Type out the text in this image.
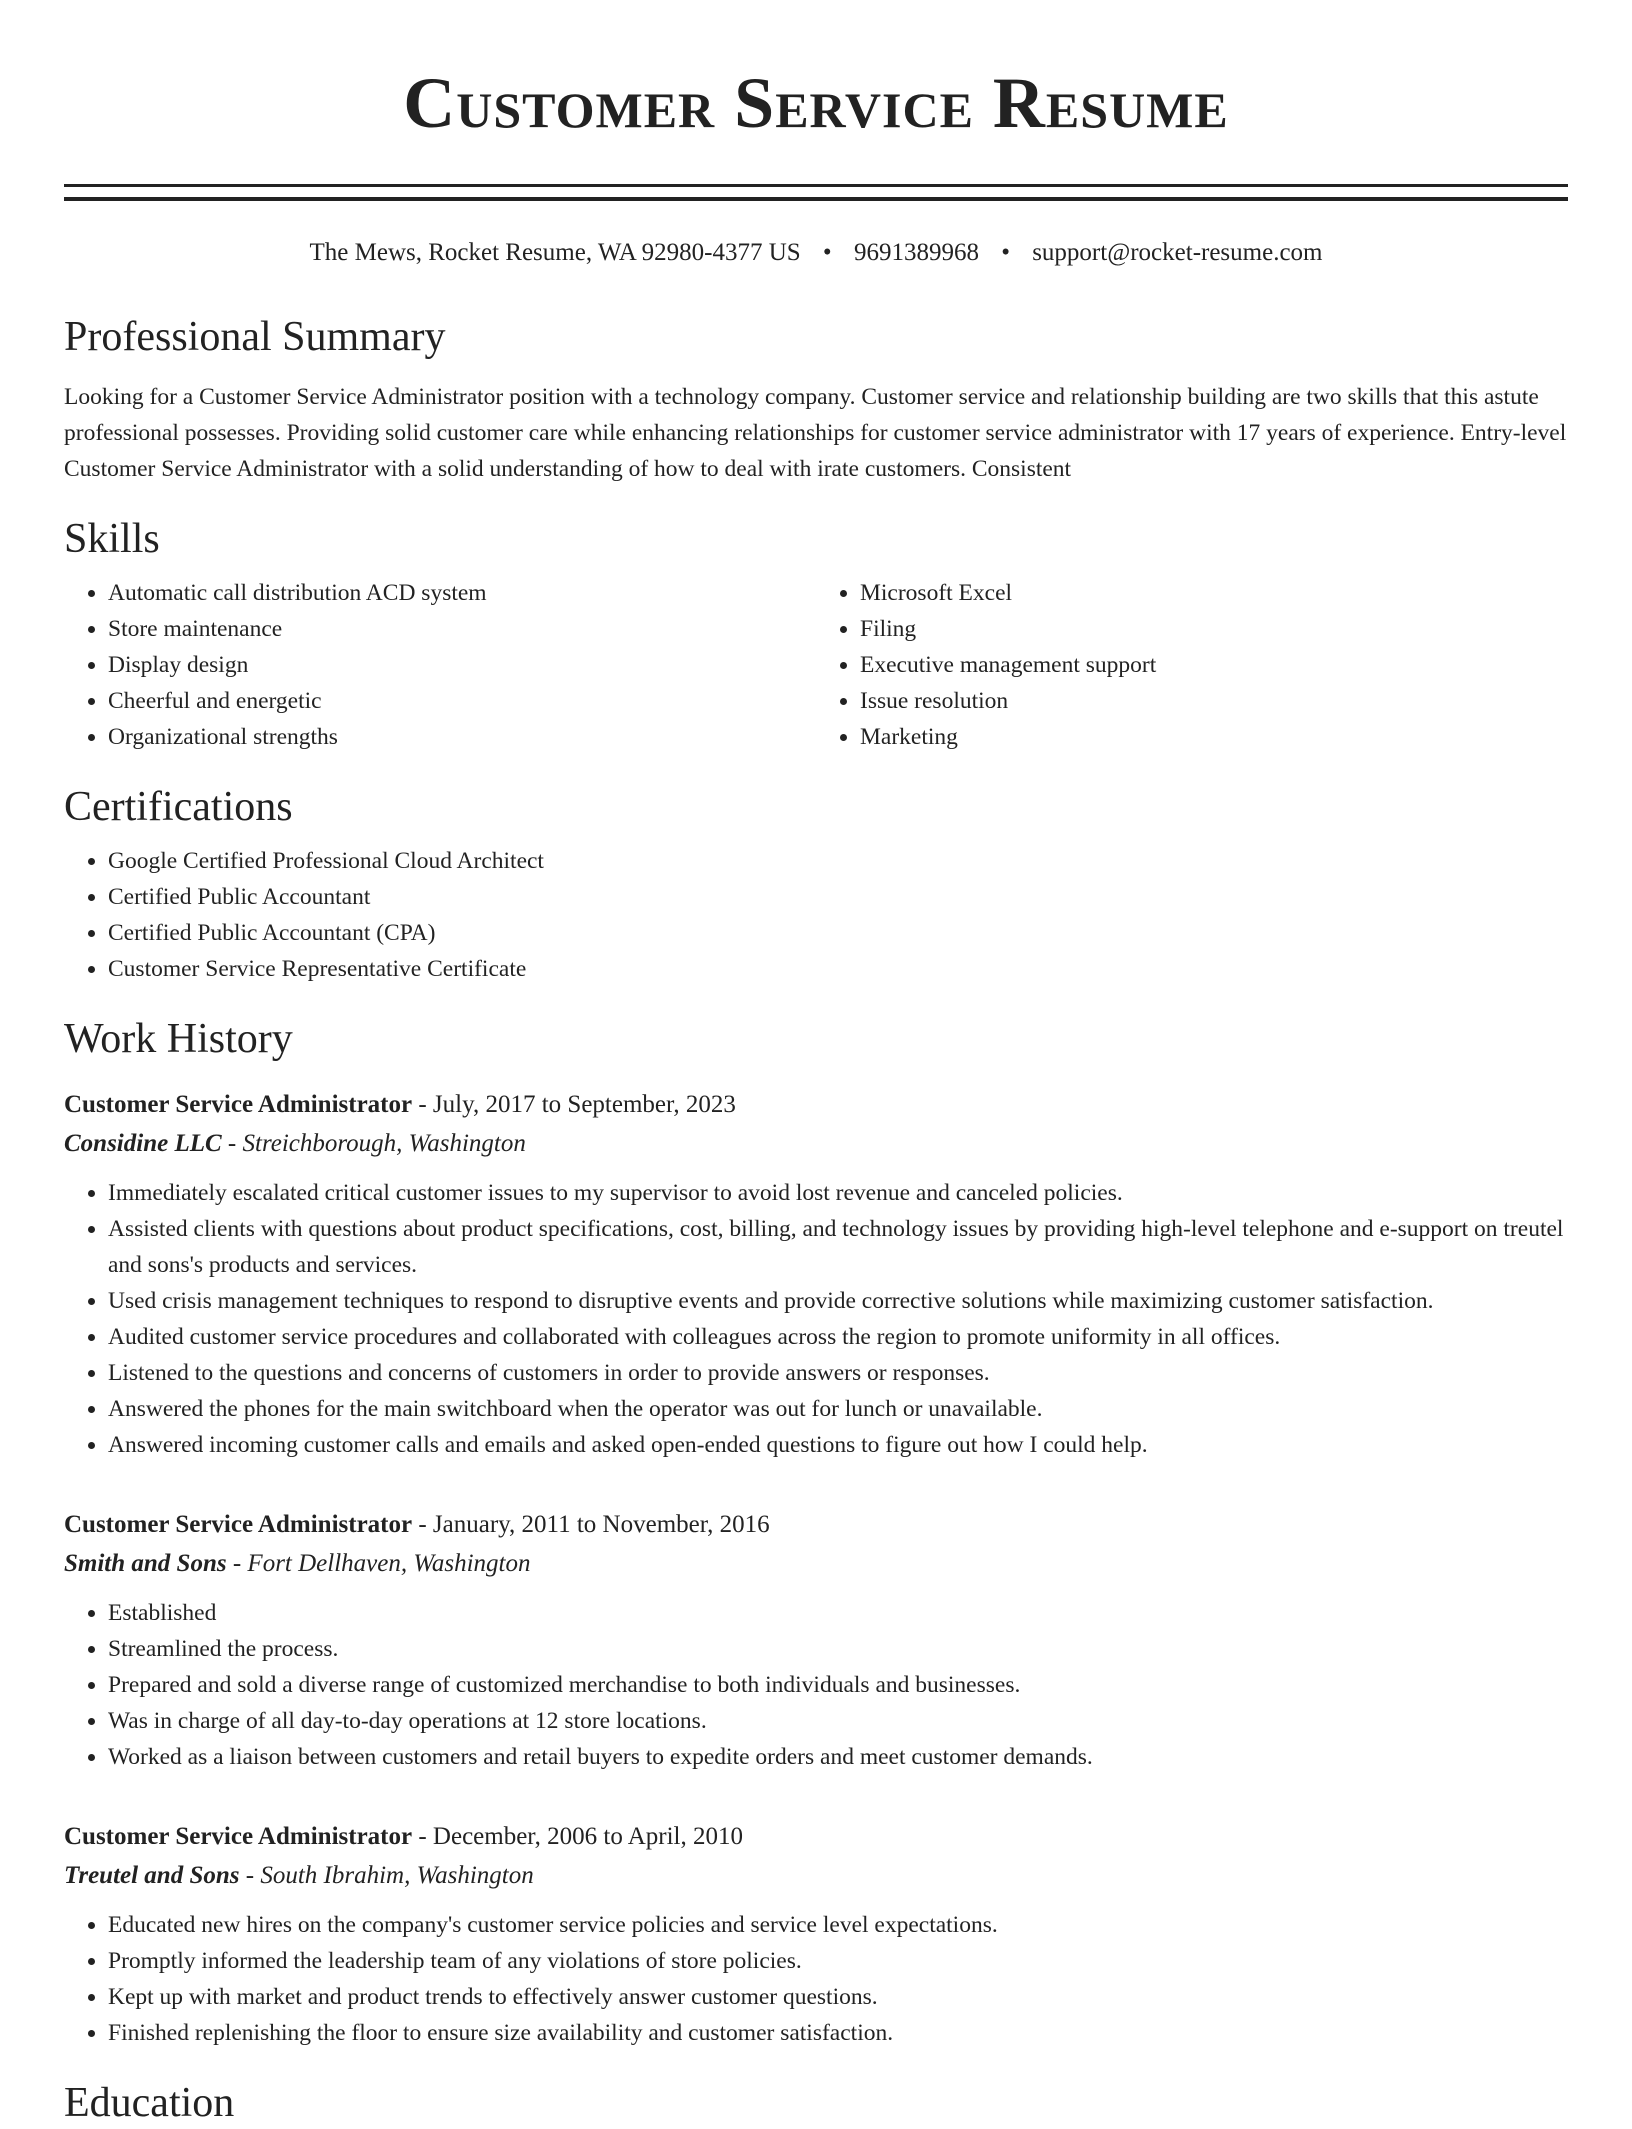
Customer Service Resume
The Mews, Rocket Resume, WA 92980-4377 US • 9691389968 • support@rocket-resume.com
Professional Summary
Looking for a Customer Service Administrator position with a technology company. Customer service and relationship building are two skills that this astute professional possesses. Providing solid customer care while enhancing relationships for customer service administrator with 17 years of experience. Entry-level Customer Service Administrator with a solid understanding of how to deal with irate customers. Consistent
Skills
• Automatic call distribution ACD system
• Store maintenance
• Display design
• Cheerful and energetic
• Organizational strengths
• Microsoft Excel
• Filing
• Executive management support
• Issue resolution
• Marketing
Certifications
• Google Certified Professional Cloud Architect
• Certified Public Accountant
• Certified Public Accountant (CPA)
• Customer Service Representative Certificate
Work History
Customer Service Administrator - July, 2017 to September, 2023
Considine LLC - Streichborough, Washington
• Immediately escalated critical customer issues to my supervisor to avoid lost revenue and canceled policies.
• Assisted clients with questions about product specifications, cost, billing, and technology issues by providing high-level telephone and e-support on treutel and sons's products and services.
• Used crisis management techniques to respond to disruptive events and provide corrective solutions while maximizing customer satisfaction.
• Audited customer service procedures and collaborated with colleagues across the region to promote uniformity in all offices.
• Listened to the questions and concerns of customers in order to provide answers or responses.
• Answered the phones for the main switchboard when the operator was out for lunch or unavailable.
• Answered incoming customer calls and emails and asked open-ended questions to figure out how I could help.
Customer Service Administrator - January, 2011 to November, 2016
Smith and Sons - Fort Dellhaven, Washington
• Established
• Streamlined the process.
• Prepared and sold a diverse range of customized merchandise to both individuals and businesses.
• Was in charge of all day-to-day operations at 12 store locations.
• Worked as a liaison between customers and retail buyers to expedite orders and meet customer demands.
Customer Service Administrator - December, 2006 to April, 2010
Treutel and Sons - South Ibrahim, Washington
• Educated new hires on the company's customer service policies and service level expectations.
• Promptly informed the leadership team of any violations of store policies.
• Kept up with market and product trends to effectively answer customer questions.
• Finished replenishing the floor to ensure size availability and customer satisfaction.
Education
